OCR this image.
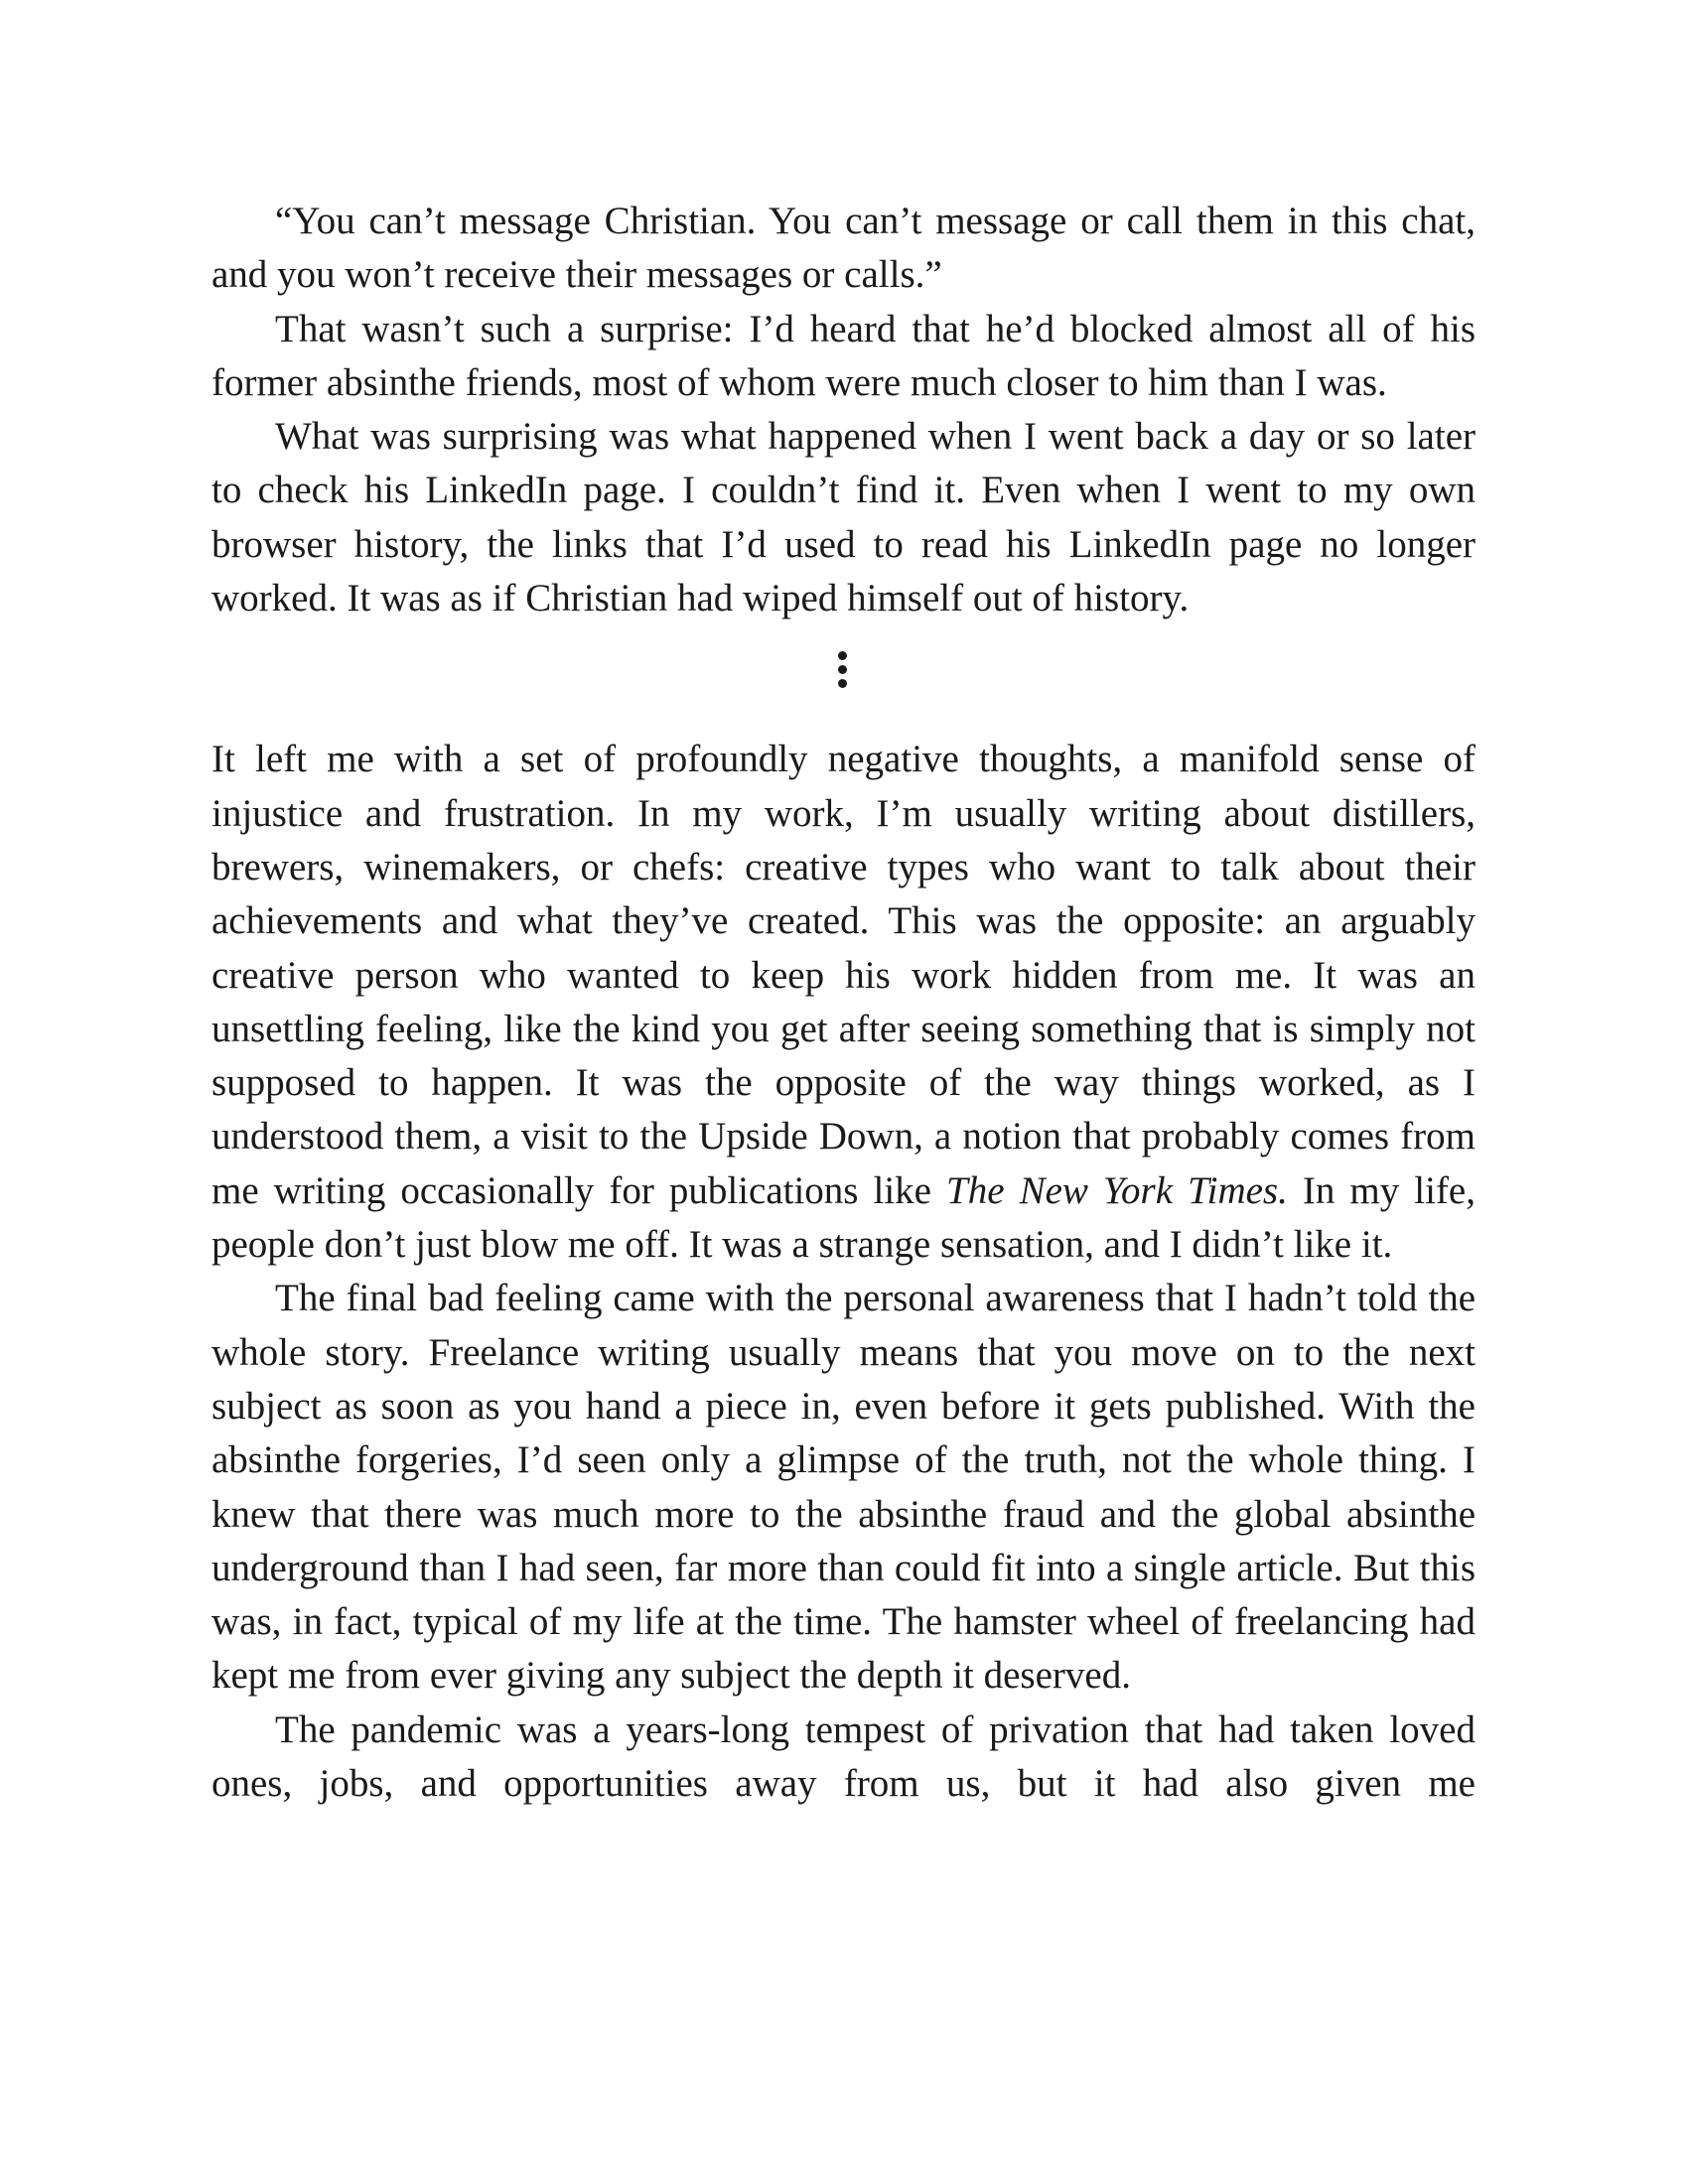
“You can’t message Christian. You can’t message or call them in this chat, and you won’t receive their messages or calls.”

That wasn’t such a surprise: I’d heard that he’d blocked almost all of his former absinthe friends, most of whom were much closer to him than I was.

What was surprising was what happened when I went back a day or so later to check his LinkedIn page. I couldn’t find it. Even when I went to my own browser history, the links that I’d used to read his LinkedIn page no longer worked. It was as if Christian had wiped himself out of history.

It left me with a set of profoundly negative thoughts, a manifold sense of injustice and frustration. In my work, I’m usually writing about distillers, brewers, winemakers, or chefs: creative types who want to talk about their achievements and what they’ve created. This was the opposite: an arguably creative person who wanted to keep his work hidden from me. It was an unsettling feeling, like the kind you get after seeing something that is simply not supposed to happen. It was the opposite of the way things worked, as I understood them, a visit to the Upside Down, a notion that probably comes from me writing occasionally for publications like The New York Times. In my life, people don’t just blow me off. It was a strange sensation, and I didn’t like it.

The final bad feeling came with the personal awareness that I hadn’t told the whole story. Freelance writing usually means that you move on to the next subject as soon as you hand a piece in, even before it gets published. With the absinthe forgeries, I’d seen only a glimpse of the truth, not the whole thing. I knew that there was much more to the absinthe fraud and the global absinthe underground than I had seen, far more than could fit into a single article. But this was, in fact, typical of my life at the time. The hamster wheel of freelancing had kept me from ever giving any subject the depth it deserved.

The pandemic was a years-long tempest of privation that had taken loved ones, jobs, and opportunities away from us, but it had also given me
